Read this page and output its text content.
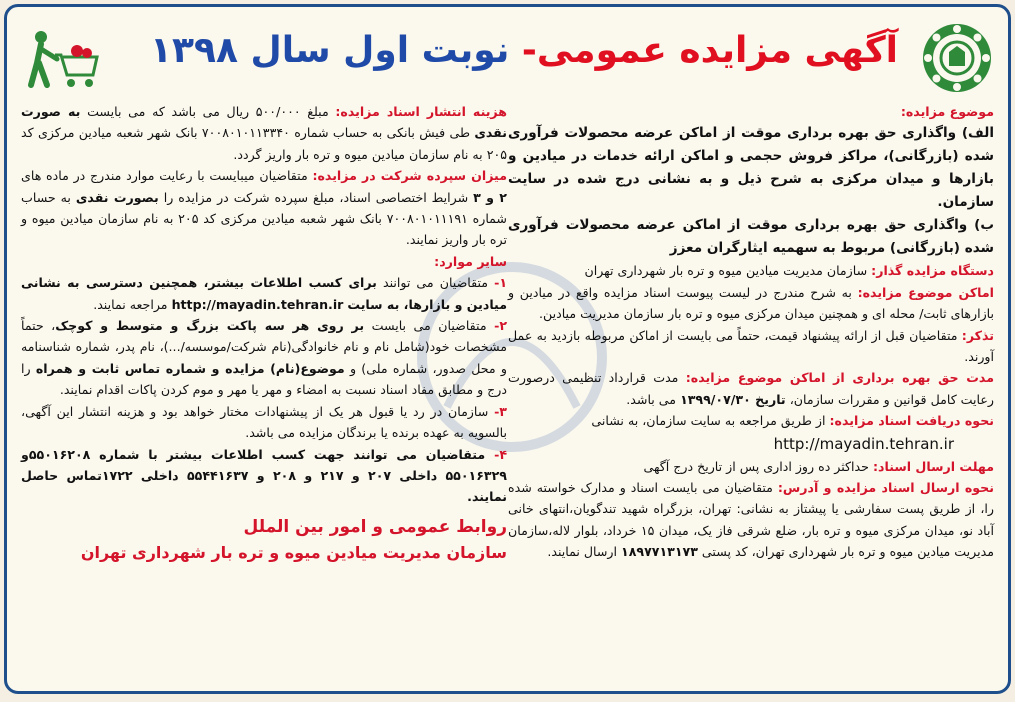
آگهی مزایده عمومی- نوبت اول سال ۱۳۹۸

موضوع مزایده:

الف) واگذاری حق بهره برداری موقت از اماکن عرضه محصولات فرآوری شده (بازرگانی)، مراکز فروش حجمی و اماکن ارائه خدمات در میادین و بازارها و میدان مرکزی به شرح ذیل و به نشانی درج شده در سایت سازمان.

ب) واگذاری حق بهره برداری موقت از اماکن عرضه محصولات فرآوری شده (بازرگانی) مربوط به سهمیه ایثارگران معزز

دستگاه مزایده گذار: سازمان مدیریت میادین میوه و تره بار شهرداری تهران

اماکن موضوع مزایده: به شرح مندرج در لیست پیوست اسناد مزایده واقع در میادین و بازارهای ثابت/ محله ای و همچنین میدان مرکزی میوه و تره بار سازمان مدیریت میادین.

تذکر: متقاضیان قبل از ارائه پیشنهاد قیمت، حتماً می بایست از اماکن مربوطه بازدید به عمل آورند.

مدت حق بهره برداری از اماکن موضوع مزایده: مدت قرارداد تنظیمی درصورت رعایت کامل قوانین و مقررات سازمان، تاریخ ۱۳۹۹/۰۷/۳۰ می باشد.

نحوه دریافت اسناد مزایده: از طریق مراجعه به سایت سازمان، به نشانی

http://mayadin.tehran.ir

مهلت ارسال اسناد: حداکثر ده روز اداری پس از تاریخ درج آگهی

نحوه ارسال اسناد مزایده و آدرس: متقاضیان می بایست اسناد و مدارک خواسته شده را، از طریق پست سفارشی یا پیشتاز به نشانی: تهران، بزرگراه شهید تندگویان،انتهای خانی آباد نو، میدان مرکزی میوه و تره بار، ضلع شرقی فاز یک، میدان ۱۵ خرداد، بلوار لاله،سازمان مدیریت میادین میوه و تره بار شهرداری تهران، کد پستی ۱۸۹۷۷۱۳۱۷۳ ارسال نمایند.

هزینه انتشار اسناد مزایده: مبلغ ۵۰۰/۰۰۰ ریال می باشد که می بایست به صورت نقدی طی فیش بانکی به حساب شماره ۷۰۰۸۰۱۰۱۱۳۳۴۰ بانک شهر شعبه میادین مرکزی کد ۲۰۵ به نام سازمان میادین میوه و تره بار واریز گردد.

میزان سپرده شرکت در مزایده: متقاضیان میبایست با رعایت موارد مندرج در ماده های ۲ و ۳ شرایط اختصاصی اسناد، مبلغ سپرده شرکت در مزایده را بصورت نقدی به حساب شماره ۷۰۰۸۰۱۰۱۱۱۹۱ بانک شهر شعبه میادین مرکزی کد ۲۰۵ به نام سازمان میادین میوه و تره بار واریز نمایند.

سایر موارد:

۱- متقاضیان می توانند برای کسب اطلاعات بیشتر، همچنین دسترسی به نشانی میادین و بازارها، به سایت http://mayadin.tehran.ir مراجعه نمایند.

۲- متقاضیان می بایست بر روی هر سه پاکت بزرگ و متوسط و کوچک، حتماً مشخصات خود(شامل نام و نام خانوادگی(نام شرکت/موسسه/...)، نام پدر، شماره شناسنامه و محل صدور، شماره ملی) و موضوع(نام) مزایده و شماره تماس ثابت و همراه را درج و مطابق مفاد اسناد نسبت به امضاء و مهر یا مهر و موم کردن پاکات اقدام نمایند.

۳- سازمان در رد یا قبول هر یک از پیشنهادات مختار خواهد بود و هزینه انتشار این آگهی، بالسویه به عهده برنده یا برندگان مزایده می باشد.

۴- متقاضیان می توانند جهت کسب اطلاعات بیشتر با شماره ۵۵۰۱۶۲۰۸و ۵۵۰۱۶۳۲۹ داخلی ۲۰۷ و ۲۱۷ و ۲۰۸ و ۵۵۴۴۱۶۳۷ داخلی ۱۷۲۲تماس حاصل نمایند.

روابط عمومی و امور بین الملل
سازمان مدیریت میادین میوه و تره بار شهرداری تهران
